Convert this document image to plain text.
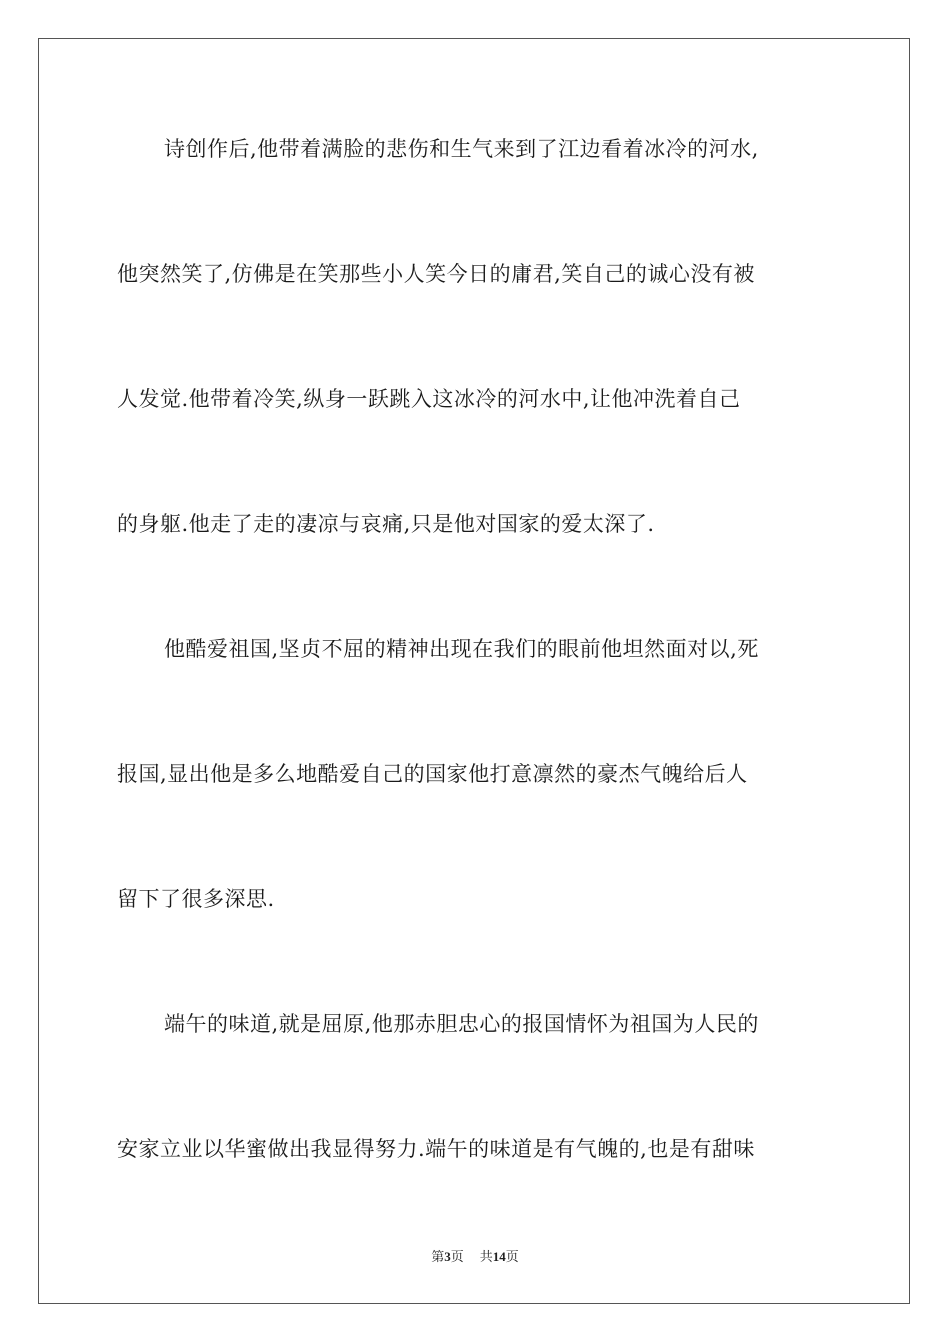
诗创作后,他带着满脸的悲伤和生气来到了江边看着冰冷的河水,
他突然笑了,仿佛是在笑那些小人笑今日的庸君,笑自己的诚心没有被
人发觉.他带着冷笑,纵身一跃跳入这冰冷的河水中,让他冲洗着自己
的身躯.他走了走的凄凉与哀痛,只是他对国家的爱太深了.
他酷爱祖国,坚贞不屈的精神出现在我们的眼前他坦然面对以,死
报国,显出他是多么地酷爱自己的国家他打意凛然的豪杰气魄给后人
留下了很多深思.
端午的味道,就是屈原,他那赤胆忠心的报国情怀为祖国为人民的
安家立业以华蜜做出我显得努力.端午的味道是有气魄的,也是有甜味
第3页 共14页
